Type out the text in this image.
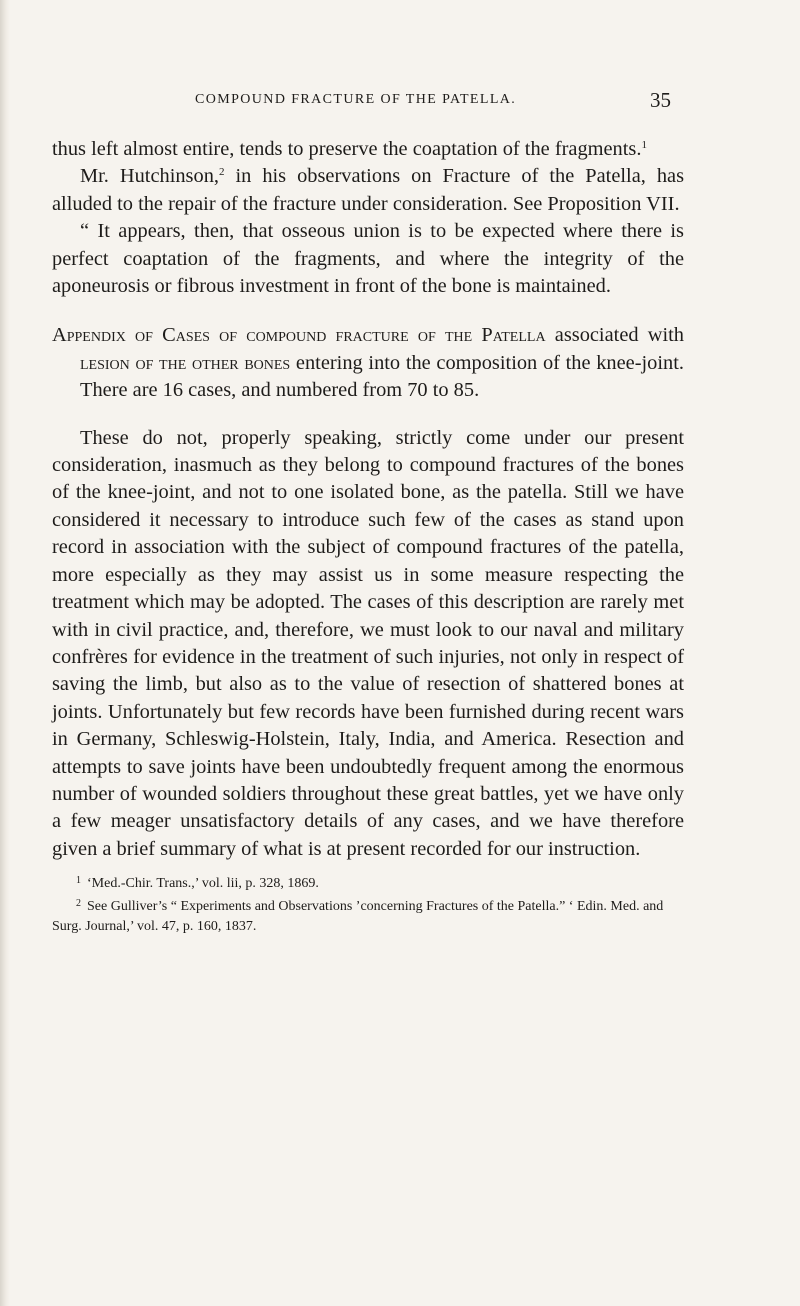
COMPOUND FRACTURE OF THE PATELLA.	35

thus left almost entire, tends to preserve the coaptation of the fragments.$^1$

Mr. Hutchinson,$^2$ in his observations on Fracture of the Patella, has alluded to the repair of the fracture under consideration. See Proposition VII.

“ It appears, then, that osseous union is to be expected where there is perfect coaptation of the fragments, and where the integrity of the aponeurosis or fibrous investment in front of the bone is maintained.

Appendix of Cases of compound fracture of the Patella associated with lesion of the other bones entering into the composition of the knee-joint. There are 16 cases, and numbered from 70 to 85.

These do not, properly speaking, strictly come under our present consideration, inasmuch as they belong to compound fractures of the bones of the knee-joint, and not to one isolated bone, as the patella. Still we have considered it necessary to introduce such few of the cases as stand upon record in association with the subject of compound fractures of the patella, more especially as they may assist us in some measure respecting the treatment which may be adopted. The cases of this description are rarely met with in civil practice, and, therefore, we must look to our naval and military confrères for evidence in the treatment of such injuries, not only in respect of saving the limb, but also as to the value of resection of shattered bones at joints. Unfortunately but few records have been furnished during recent wars in Germany, Schleswig-Holstein, Italy, India, and America. Resection and attempts to save joints have been undoubtedly frequent among the enormous number of wounded soldiers throughout these great battles, yet we have only a few meager unsatisfactory details of any cases, and we have therefore given a brief summary of what is at present recorded for our instruction.

$^1$ ‘Med.-Chir. Trans.,’ vol. lii, p. 328, 1869.

$^2$ See Gulliver’s “ Experiments and Observations ’concerning Fractures of the Patella.” ‘ Edin. Med. and Surg. Journal,’ vol. 47, p. 160, 1837.
